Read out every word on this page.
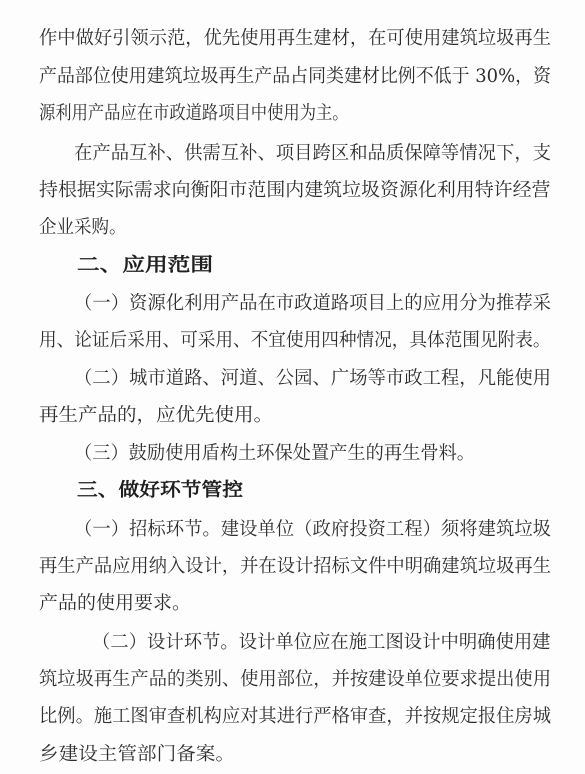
作中做好引领示范，优先使用再生建材，在可使用建筑垃圾再生
产品部位使用建筑垃圾再生产品占同类建材比例不低于 30%，资
源利用产品应在市政道路项目中使用为主。
在产品互补、供需互补、项目跨区和品质保障等情况下，支
持根据实际需求向衡阳市范围内建筑垃圾资源化利用特许经营
企业采购。
二、应用范围
（一）资源化利用产品在市政道路项目上的应用分为推荐采
用、论证后采用、可采用、不宜使用四种情况，具体范围见附表。
（二）城市道路、河道、公园、广场等市政工程，凡能使用
再生产品的，应优先使用。
（三）鼓励使用盾构土环保处置产生的再生骨料。
三、做好环节管控
（一）招标环节。建设单位（政府投资工程）须将建筑垃圾
再生产品应用纳入设计，并在设计招标文件中明确建筑垃圾再生
产品的使用要求。
（二）设计环节。设计单位应在施工图设计中明确使用建
筑垃圾再生产品的类别、使用部位，并按建设单位要求提出使用
比例。施工图审查机构应对其进行严格审查，并按规定报住房城
乡建设主管部门备案。
